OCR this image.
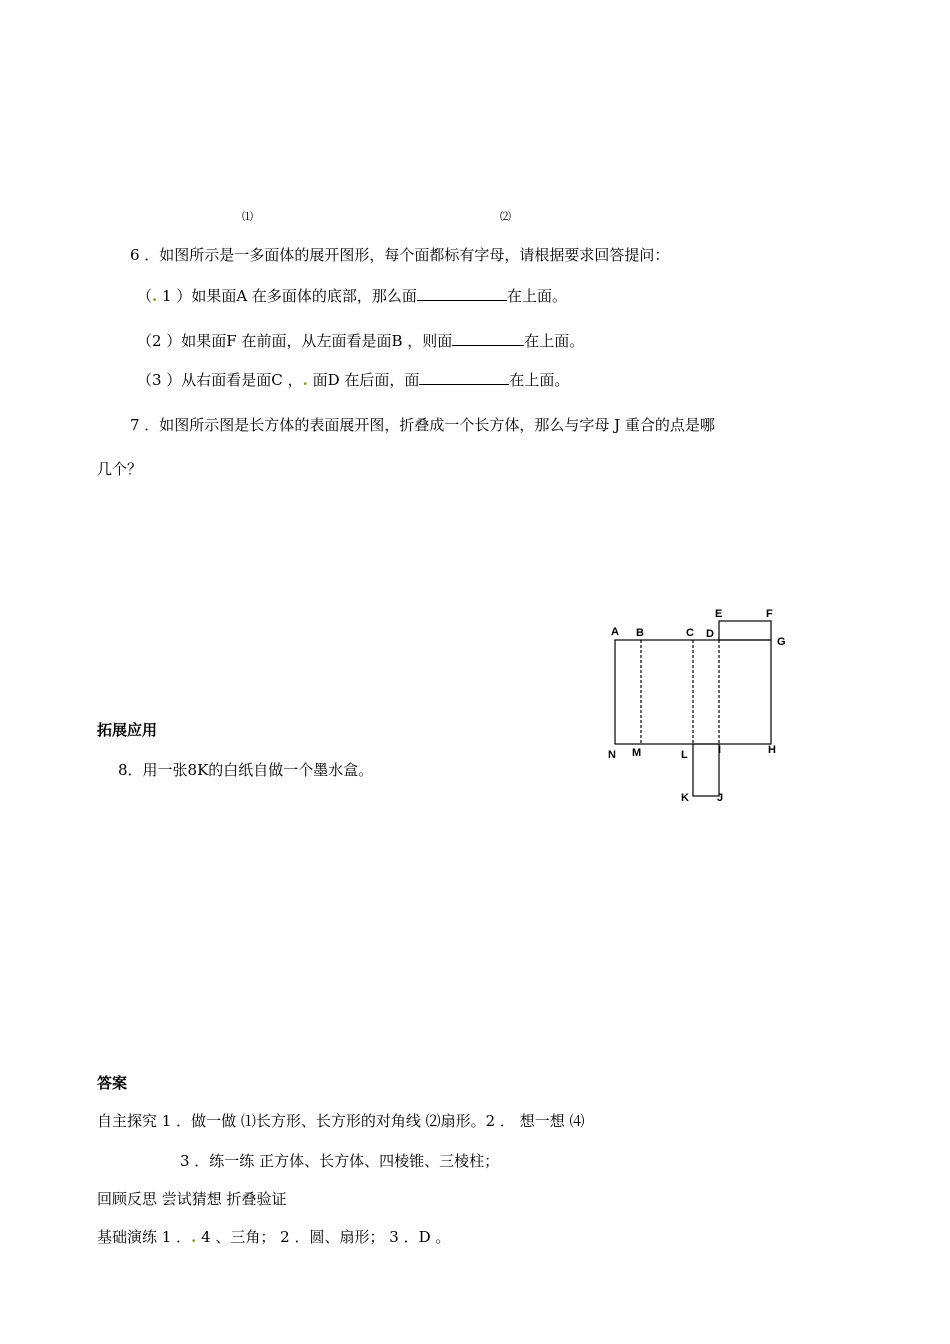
⑴	⑵
6 ．如图所示是一多面体的展开图形，每个面都标有字母，请根据要求回答提问：
（. 1 ）如果面A 在多面体的底部，那么面	在上面。
（2 ）如果面F 在前面，从左面看是面B ，则面	在上面。
（3 ）从右面看是面C ，. 面D 在后面，面	在上面。
7 ．如图所示图是长方体的表面展开图，折叠成一个长方体，那么与字母 J 重合的点是哪
几个？
A B	C D
E	F
G
H
I
J
K
L
M
N
拓展应用
8．用一张8K的白纸自做一个墨水盒。
答案
自主探究 1 ．做一做 ⑴长方形、长方形的对角线 ⑵扇形。2 ． 想一想 ⑷
3 ．练一练 正方体、长方体、四棱锥、三棱柱；
回顾反思 尝试猜想 折叠验证
基础演练 1 ．. 4 、三角； 2 ．圆、扇形； 3 ．D 。
